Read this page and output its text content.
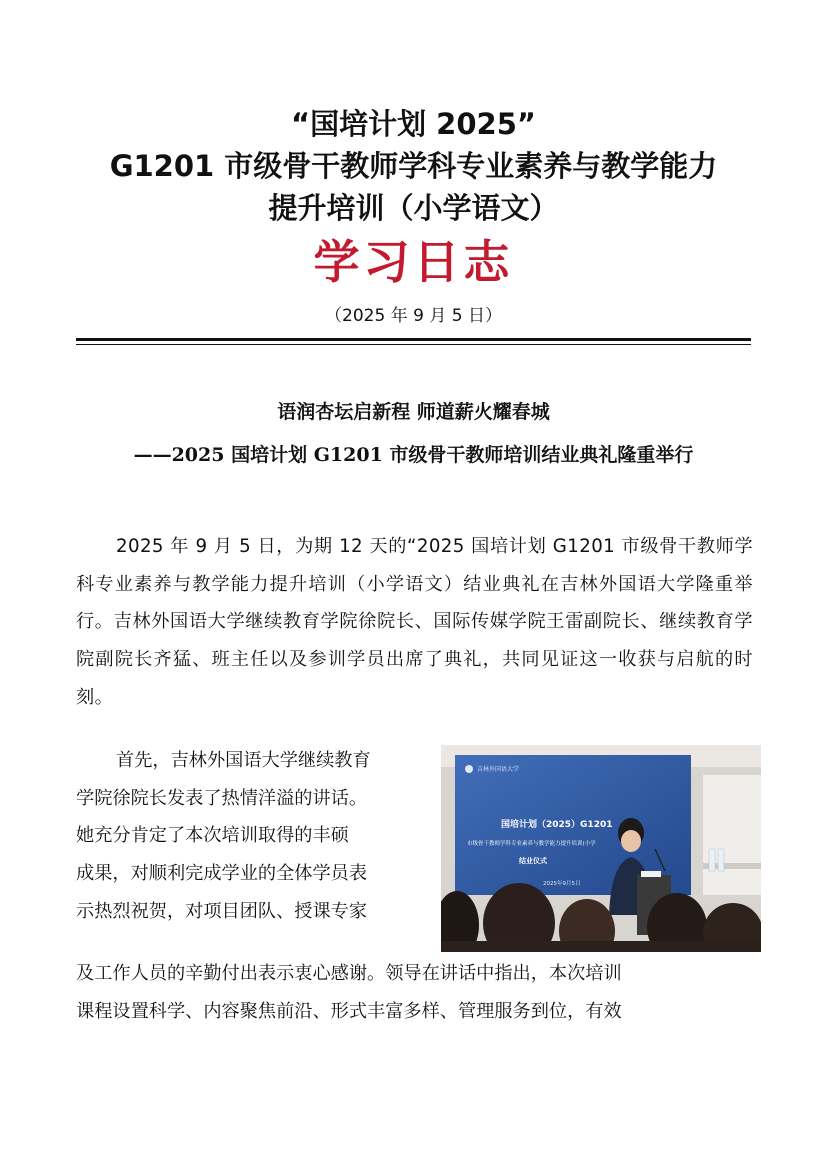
“国培计划 2025”
G1201 市级骨干教师学科专业素养与教学能力
提升培训（小学语文）
学习日志
（2025 年 9 月 5 日）
语润杏坛启新程 师道薪火耀春城
——2025 国培计划 G1201 市级骨干教师培训结业典礼隆重举行

2025 年 9 月 5 日，为期 12 天的“2025 国培计划 G1201 市级骨干教师学科专业素养与教学能力提升培训（小学语文）结业典礼在吉林外国语大学隆重举行。吉林外国语大学继续教育学院徐院长、国际传媒学院王雷副院长、继续教育学院副院长齐猛、班主任以及参训学员出席了典礼，共同见证这一收获与启航的时刻。

首先，吉林外国语大学继续教育
学院徐院长发表了热情洋溢的讲话。
她充分肯定了本次培训取得的丰硕
成果，对顺利完成学业的全体学员表
示热烈祝贺，对项目团队、授课专家
及工作人员的辛勤付出表示衷心感谢。领导在讲话中指出，本次培训
课程设置科学、内容聚焦前沿、形式丰富多样、管理服务到位，有效
吉林外国语大学
国培计划（2025）G1201
市级骨干教师学科专业素养与教学能力提升培训(小学
结业仪式
2025年9月5日
